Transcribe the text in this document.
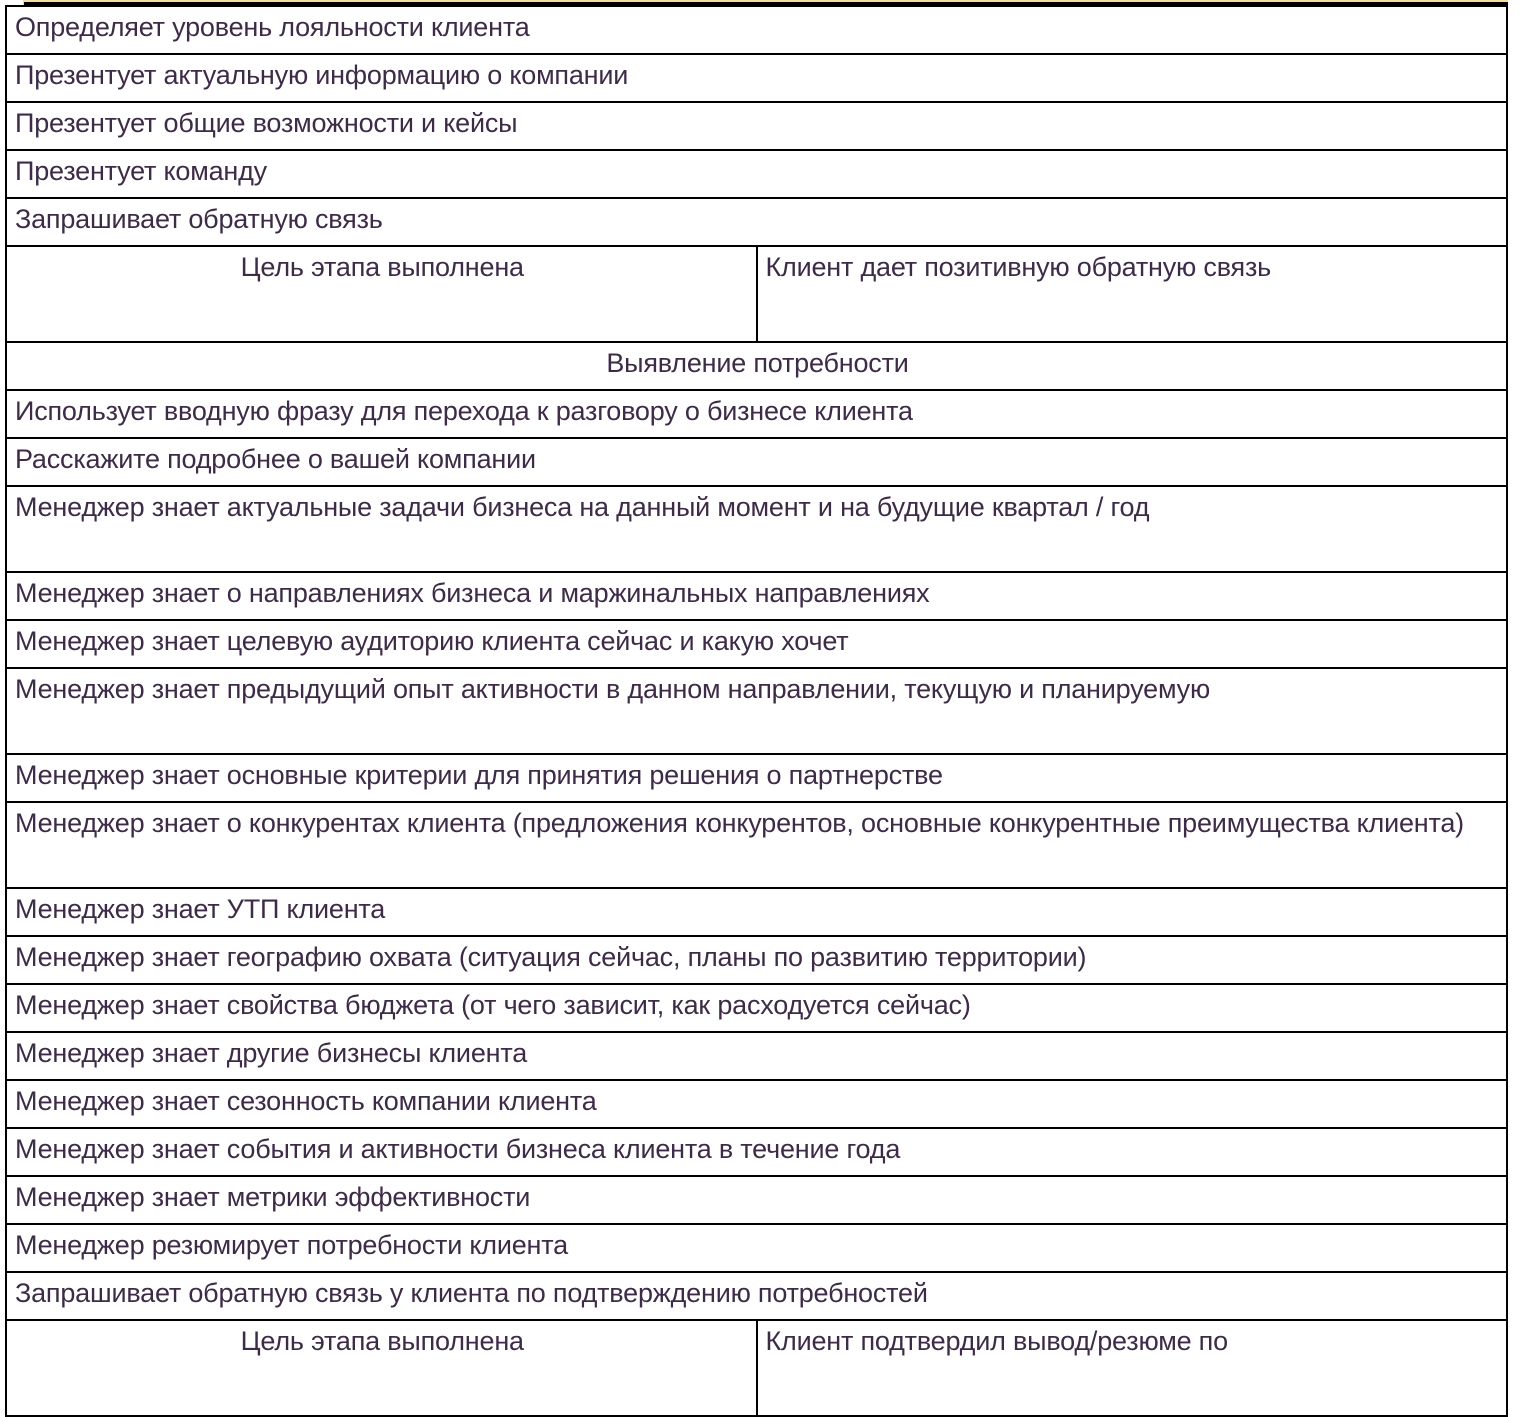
Определяет уровень лояльности клиента	
Презентует актуальную информацию о компании	
Презентует общие возможности и кейсы	
Презентует команду	
Запрашивает обратную связь	
Цель этапа выполнена	Клиент дает позитивную обратную связь
Выявление потребности	
Использует вводную фразу для перехода к разговору о бизнесе клиента	
Расскажите подробнее о вашей компании	
Менеджер знает актуальные задачи бизнеса на данный момент и на будущие квартал / год	
Менеджер знает о направлениях бизнеса и маржинальных направлениях	
Менеджер знает целевую аудиторию клиента сейчас и какую хочет	
Менеджер знает предыдущий опыт активности в данном направлении, текущую и планируемую	
Менеджер знает основные критерии для принятия решения о партнерстве	
Менеджер знает о конкурентах клиента (предложения конкурентов, основные конкурентные преимущества клиента)	
Менеджер знает УТП клиента	
Менеджер знает географию охвата (ситуация сейчас, планы по развитию территории)	
Менеджер знает свойства бюджета (от чего зависит, как расходуется сейчас)	
Менеджер знает другие бизнесы клиента	
Менеджер знает сезонность компании клиента	
Менеджер знает события и активности бизнеса клиента в течение года	
Менеджер знает метрики эффективности	
Менеджер резюмирует потребности клиента	
Запрашивает обратную связь у клиента по подтверждению потребностей	
Цель этапа выполнена	Клиент подтвердил вывод/резюме по
